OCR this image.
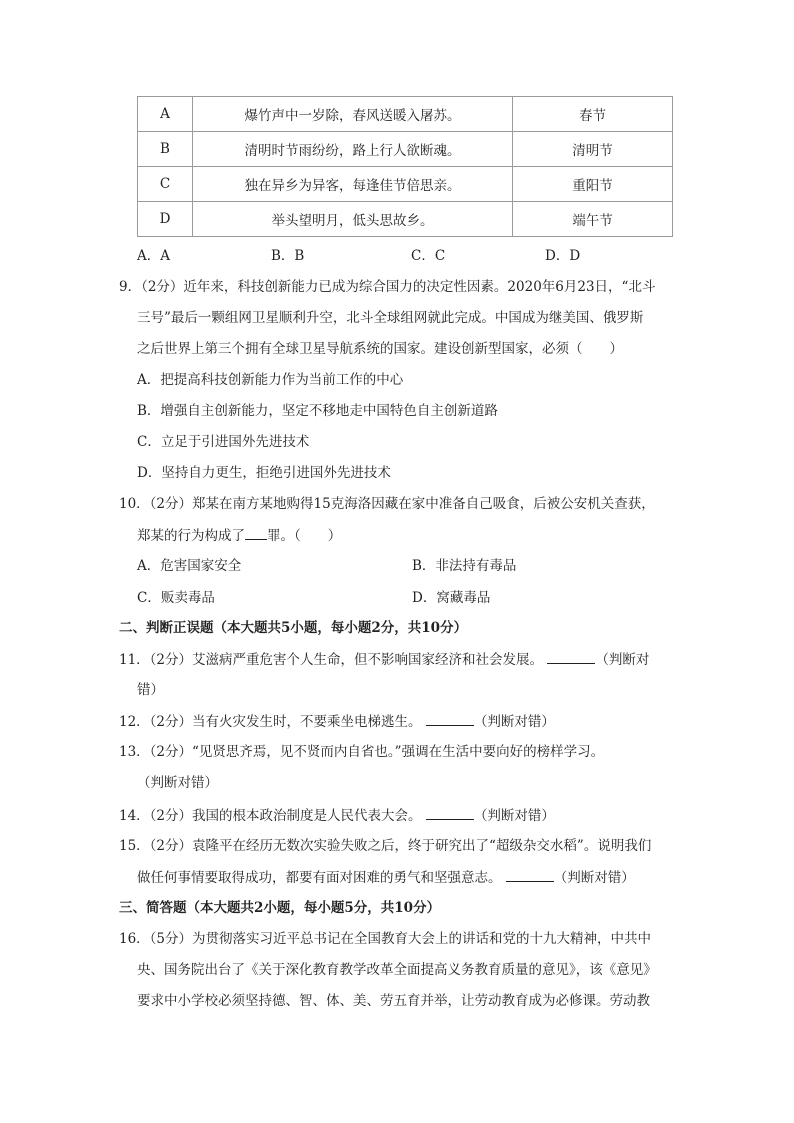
A	爆竹声中一岁除，春风送暖入屠苏。	春节
B	清明时节雨纷纷，路上行人欲断魂。	清明节
C	独在异乡为异客，每逢佳节倍思亲。	重阳节
D	举头望明月，低头思故乡。	端午节
A．A	B．B	C．C	D．D
9．（2分）近年来，科技创新能力已成为综合国力的决定性因素。2020年6月23日，“北斗
三号”最后一颗组网卫星顺利升空，北斗全球组网就此完成。中国成为继美国、俄罗斯
之后世界上第三个拥有全球卫星导航系统的国家。建设创新型国家，必须（　　）
A．把提高科技创新能力作为当前工作的中心
B．增强自主创新能力，坚定不移地走中国特色自主创新道路
C．立足于引进国外先进技术
D．坚持自力更生，拒绝引进国外先进技术
10．（2分）郑某在南方某地购得15克海洛因藏在家中准备自己吸食，后被公安机关查获，
郑某的行为构成了 罪。（　　）
A．危害国家安全	B．非法持有毒品
C．贩卖毒品	D．窝藏毒品
二、判断正误题（本大题共5小题，每小题2分，共10分）
11．（2分）艾滋病严重危害个人生命，但不影响国家经济和社会发展。	（判断对
错）
12．（2分）当有火灾发生时，不要乘坐电梯逃生。	（判断对错）
13．（2分）“见贤思齐焉，见不贤而内自省也。”强调在生活中要向好的榜样学习。
（判断对错）
14．（2分）我国的根本政治制度是人民代表大会。	（判断对错）
15．（2分）袁隆平在经历无数次实验失败之后，终于研究出了“超级杂交水稻”。说明我们
做任何事情要取得成功，都要有面对困难的勇气和坚强意志。	（判断对错）
三、简答题（本大题共2小题，每小题5分，共10分）
16．（5分）为贯彻落实习近平总书记在全国教育大会上的讲话和党的十九大精神，中共中
央、国务院出台了《关于深化教育教学改革全面提高义务教育质量的意见》，该《意见》
要求中小学校必须坚持德、智、体、美、劳五育并举，让劳动教育成为必修课。劳动教
